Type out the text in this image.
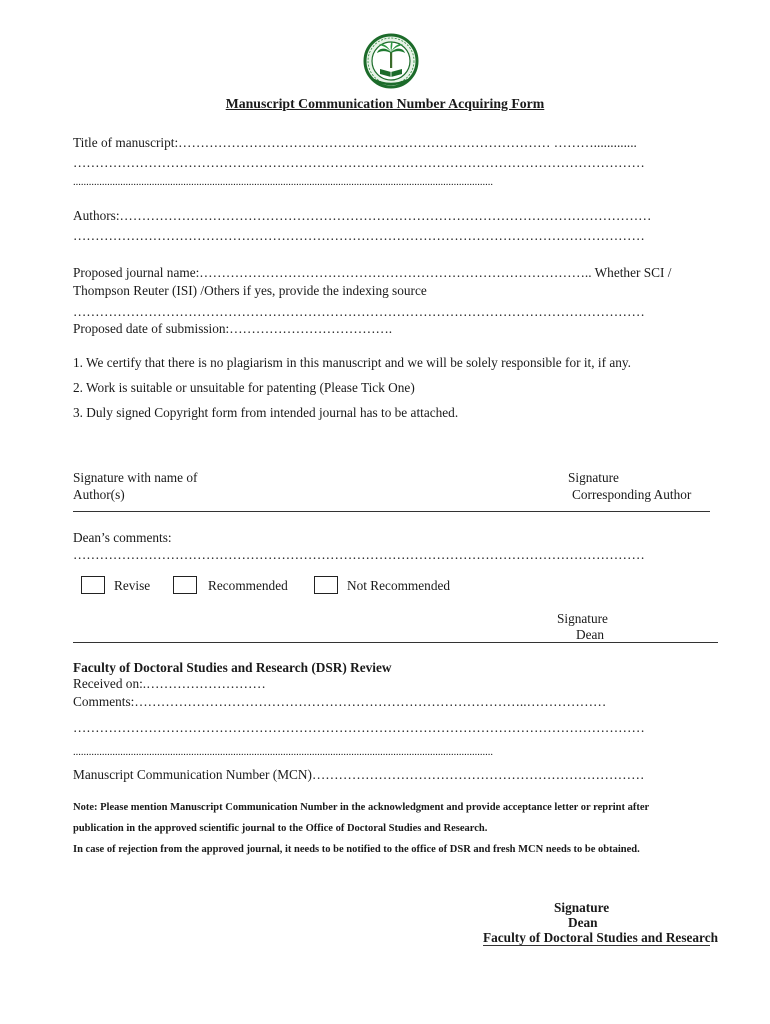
Manuscript Communication Number Acquiring Form
Title of manuscript:………………………………………………………………………… ……….............
…………………………………………………………………………………………………………………
................................................................................................................................................................
Authors:…………………………………………………………………………………………………………
…………………………………………………………………………………………………………………
Proposed journal name:…………………………………………………………………………….. Whether SCI /
Thompson Reuter (ISI) /Others if yes, provide the indexing source
…………………………………………………………………………………………………………………
Proposed date of submission:……………………………….
1. We certify that there is no plagiarism in this manuscript and we will be solely responsible for it, if any.
2. Work is suitable or unsuitable for patenting (Please Tick One)
3. Duly signed Copyright form from intended journal has to be attached.
Signature with name of
Author(s)
Signature
Corresponding Author
Dean’s comments:
…………………………………………………………………………………………………………………
Revise	Recommended	Not Recommended
Signature
Dean
Faculty of Doctoral Studies and Research (DSR) Review
Received on:.………………………
Comments:……………………………………………………………………………..………………
…………………………………………………………………………………………………………………
................................................................................................................................................................
Manuscript Communication Number (MCN)…………………………………………………………………
Note: Please mention Manuscript Communication Number in the acknowledgment and provide acceptance letter or reprint after
publication in the approved scientific journal to the Office of Doctoral Studies and Research.
In case of rejection from the approved journal, it needs to be notified to the office of DSR and fresh MCN needs to be obtained.
Signature
Dean
Faculty of Doctoral Studies and Research
